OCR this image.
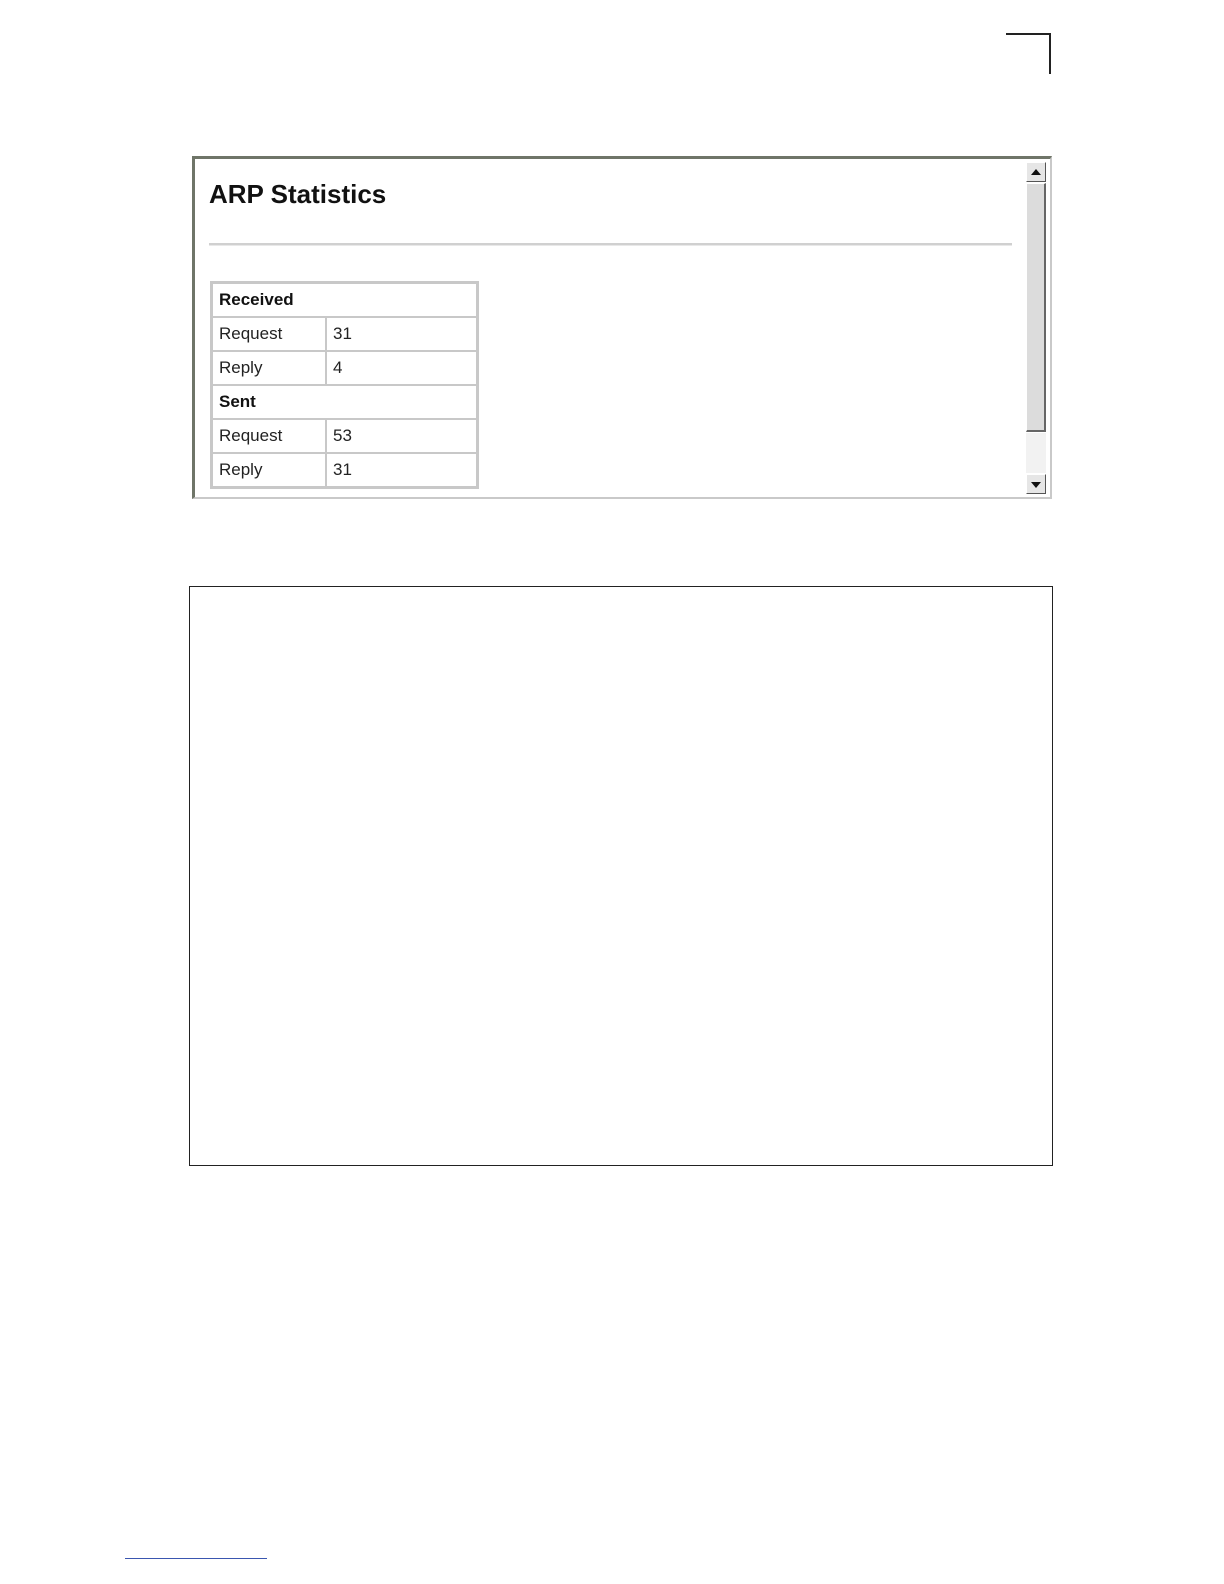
ARP Statistics
Received	
Request	31
Reply	4
Sent	
Request	53
Reply	31
